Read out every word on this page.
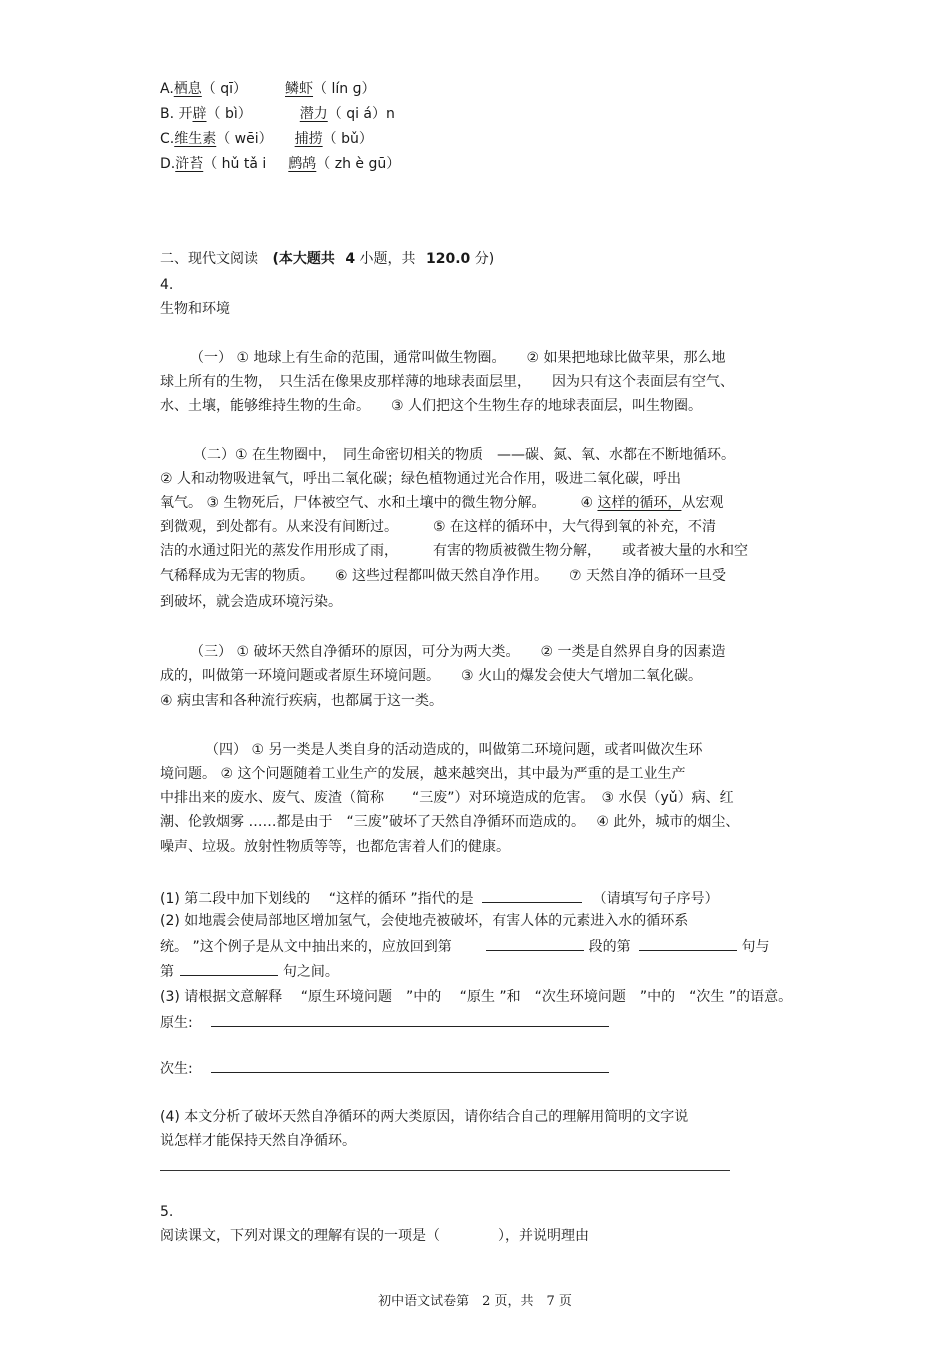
A.栖息（ qī）	鳞虾（ lín ɡ）
B. 开辟（ bì）	潜力（ qi á）n
C.维生素（ wēi） 捕捞（ bǔ）
D.浒苔（ hǔ tǎ i 鹧鸪（ zh è gū）
二、现代文阅读 (本大题共 4 小题，共 120.0 分)
4.
生物和环境
（一） ① 地球上有生命的范围，通常叫做生物圈。　　② 如果把地球比做苹果，那么地
球上所有的生物，　只生活在像果皮那样薄的地球表面层里，　　因为只有这个表面层有空气、
水、土壤，能够维持生物的生命。　　③ 人们把这个生物生存的地球表面层，叫生物圈。
（二）① 在生物圈中，　同生命密切相关的物质　——碳、氮、氧、水都在不断地循环。
② 人和动物吸进氧气，呼出二氧化碳；绿色植物通过光合作用，吸进二氧化碳，呼出
氧气。 ③ 生物死后，尸体被空气、水和土壤中的微生物分解。　　　④ 这样的循环，从宏观
到微观，到处都有。从来没有间断过。　　　⑤ 在这样的循环中，大气得到氧的补充，不清
洁的水通过阳光的蒸发作用形成了雨，　　　有害的物质被微生物分解，　　或者被大量的水和空
气稀释成为无害的物质。　　⑥ 这些过程都叫做天然自净作用。　　⑦ 天然自净的循环一旦受
到破坏，就会造成环境污染。
（三） ① 破坏天然自净循环的原因，可分为两大类。　　② 一类是自然界自身的因素造
成的，叫做第一环境问题或者原生环境问题。　　③ 火山的爆发会使大气增加二氧化碳。
④ 病虫害和各种流行疾病，也都属于这一类。
（四） ① 另一类是人类自身的活动造成的，叫做第二环境问题，或者叫做次生环
境问题。 ② 这个问题随着工业生产的发展，越来越突出，其中最为严重的是工业生产
中排出来的废水、废气、废渣（简称　　“三废”）对环境造成的危害。　③ 水俣（yǔ）病、红
潮、伦敦烟雾 ……都是由于　“三废”破坏了天然自净循环而造成的。　 ④ 此外，城市的烟尘、
噪声、垃圾。放射性物质等等，也都危害着人们的健康。
(1) 第二段中加下划线的　 “这样的循环 ”指代的是	（请填写句子序号）
(2) 如地震会使局部地区增加氢气，会使地壳被破坏，有害人体的元素进入水的循环系
统。 ”这个例子是从文中抽出来的，应放回到第	段的第	句与
第	句之间。
(3) 请根据文意解释　 “原生环境问题　”中的　 “原生 ”和　“次生环境问题　”中的　“次生 ”的语意。
原生:
次生:
(4) 本文分析了破坏天然自净循环的两大类原因，请你结合自己的理解用简明的文字说
说怎样才能保持天然自净循环。
5.
阅读课文，下列对课文的理解有误的一项是（	），并说明理由
初中语文试卷第　2 页，共　7 页
